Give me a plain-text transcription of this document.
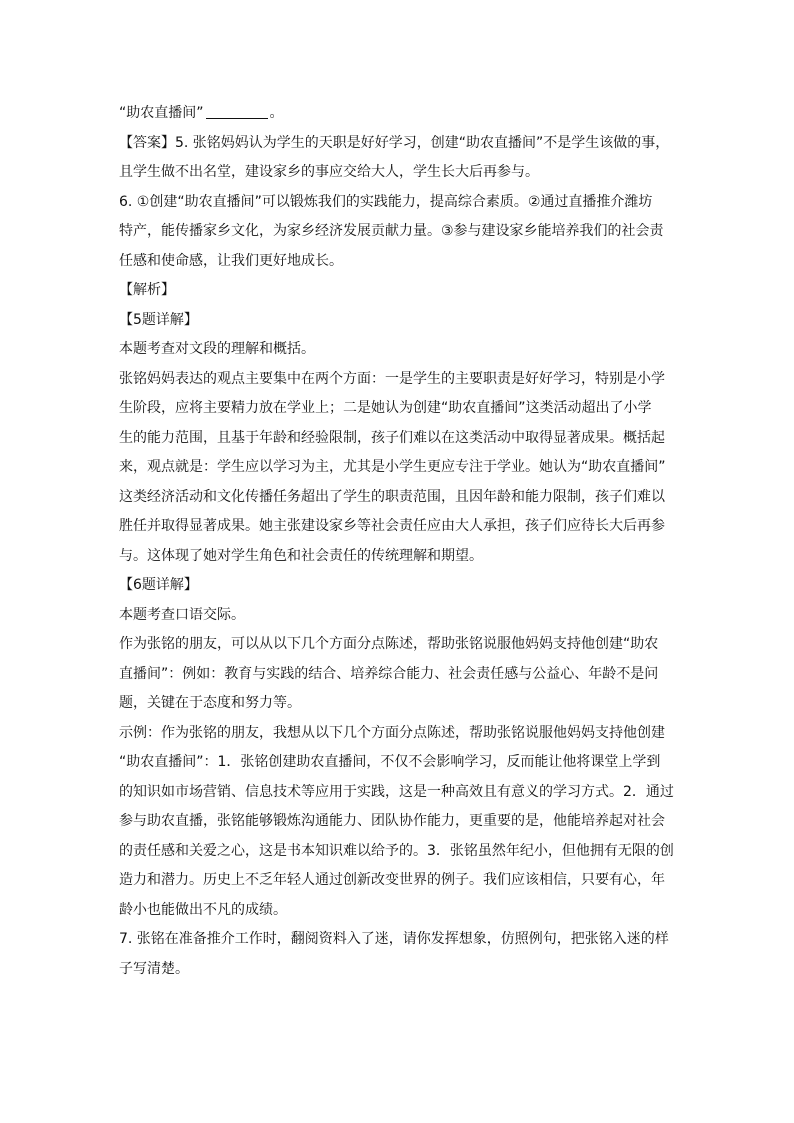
“助农直播间”	。
【答案】5. 张铭妈妈认为学生的天职是好好学习，创建“助农直播间”不是学生该做的事，
且学生做不出名堂，建设家乡的事应交给大人，学生长大后再参与。
6. ①创建“助农直播间”可以锻炼我们的实践能力，提高综合素质。②通过直播推介潍坊
特产，能传播家乡文化，为家乡经济发展贡献力量。③参与建设家乡能培养我们的社会责
任感和使命感，让我们更好地成长。
【解析】
【5题详解】
本题考查对文段的理解和概括。
张铭妈妈表达的观点主要集中在两个方面：一是学生的主要职责是好好学习，特别是小学
生阶段，应将主要精力放在学业上；二是她认为创建“助农直播间”这类活动超出了小学
生的能力范围，且基于年龄和经验限制，孩子们难以在这类活动中取得显著成果。概括起
来，观点就是：学生应以学习为主，尤其是小学生更应专注于学业。她认为“助农直播间”
这类经济活动和文化传播任务超出了学生的职责范围，且因年龄和能力限制，孩子们难以
胜任并取得显著成果。她主张建设家乡等社会责任应由大人承担，孩子们应待长大后再参
与。这体现了她对学生角色和社会责任的传统理解和期望。
【6题详解】
本题考查口语交际。
作为张铭的朋友，可以从以下几个方面分点陈述，帮助张铭说服他妈妈支持他创建“助农
直播间”：例如：教育与实践的结合、培养综合能力、社会责任感与公益心、年龄不是问
题，关键在于态度和努力等。
示例：作为张铭的朋友，我想从以下几个方面分点陈述，帮助张铭说服他妈妈支持他创建
“助农直播间”：1．张铭创建助农直播间，不仅不会影响学习，反而能让他将课堂上学到
的知识如市场营销、信息技术等应用于实践，这是一种高效且有意义的学习方式。2．通过
参与助农直播，张铭能够锻炼沟通能力、团队协作能力，更重要的是，他能培养起对社会
的责任感和关爱之心，这是书本知识难以给予的。3．张铭虽然年纪小，但他拥有无限的创
造力和潜力。历史上不乏年轻人通过创新改变世界的例子。我们应该相信，只要有心，年
龄小也能做出不凡的成绩。
7. 张铭在准备推介工作时，翻阅资料入了迷，请你发挥想象，仿照例句，把张铭入迷的样
子写清楚。
